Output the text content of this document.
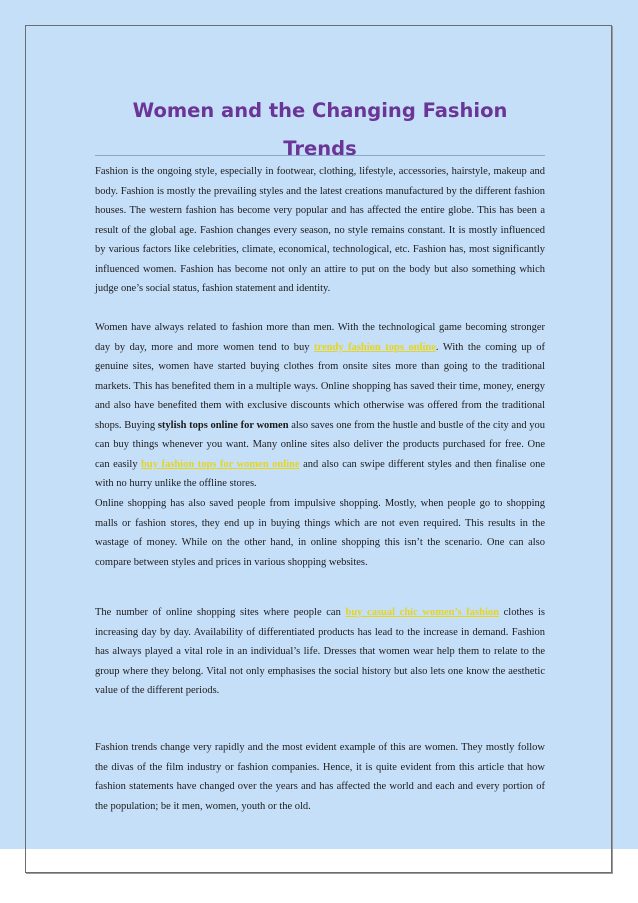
Women and the Changing Fashion Trends

Fashion is the ongoing style, especially in footwear, clothing, lifestyle, accessories, hairstyle, makeup and body. Fashion is mostly the prevailing styles and the latest creations manufactured by the different fashion houses. The western fashion has become very popular and has affected the entire globe. This has been a result of the global age. Fashion changes every season, no style remains constant. It is mostly influenced by various factors like celebrities, climate, economical, technological, etc. Fashion has, most significantly influenced women. Fashion has become not only an attire to put on the body but also something which judge one’s social status, fashion statement and identity.

Women have always related to fashion more than men. With the technological game becoming stronger day by day, more and more women tend to buy trendy fashion tops online. With the coming up of genuine sites, women have started buying clothes from onsite sites more than going to the traditional markets. This has benefited them in a multiple ways. Online shopping has saved their time, money, energy and also have benefited them with exclusive discounts which otherwise was offered from the traditional shops. Buying stylish tops online for women also saves one from the hustle and bustle of the city and you can buy things whenever you want. Many online sites also deliver the products purchased for free. One can easily buy fashion tops for women online and also can swipe different styles and then finalise one with no hurry unlike the offline stores.

Online shopping has also saved people from impulsive shopping. Mostly, when people go to shopping malls or fashion stores, they end up in buying things which are not even required. This results in the wastage of money. While on the other hand, in online shopping this isn’t the scenario. One can also compare between styles and prices in various shopping websites.

The number of online shopping sites where people can buy casual chic women’s fashion clothes is increasing day by day. Availability of differentiated products has lead to the increase in demand. Fashion has always played a vital role in an individual’s life. Dresses that women wear help them to relate to the group where they belong. Vital not only emphasises the social history but also lets one know the aesthetic value of the different periods.

Fashion trends change very rapidly and the most evident example of this are women. They mostly follow the divas of the film industry or fashion companies. Hence, it is quite evident from this article that how fashion statements have changed over the years and has affected the world and each and every portion of the population; be it men, women, youth or the old.
